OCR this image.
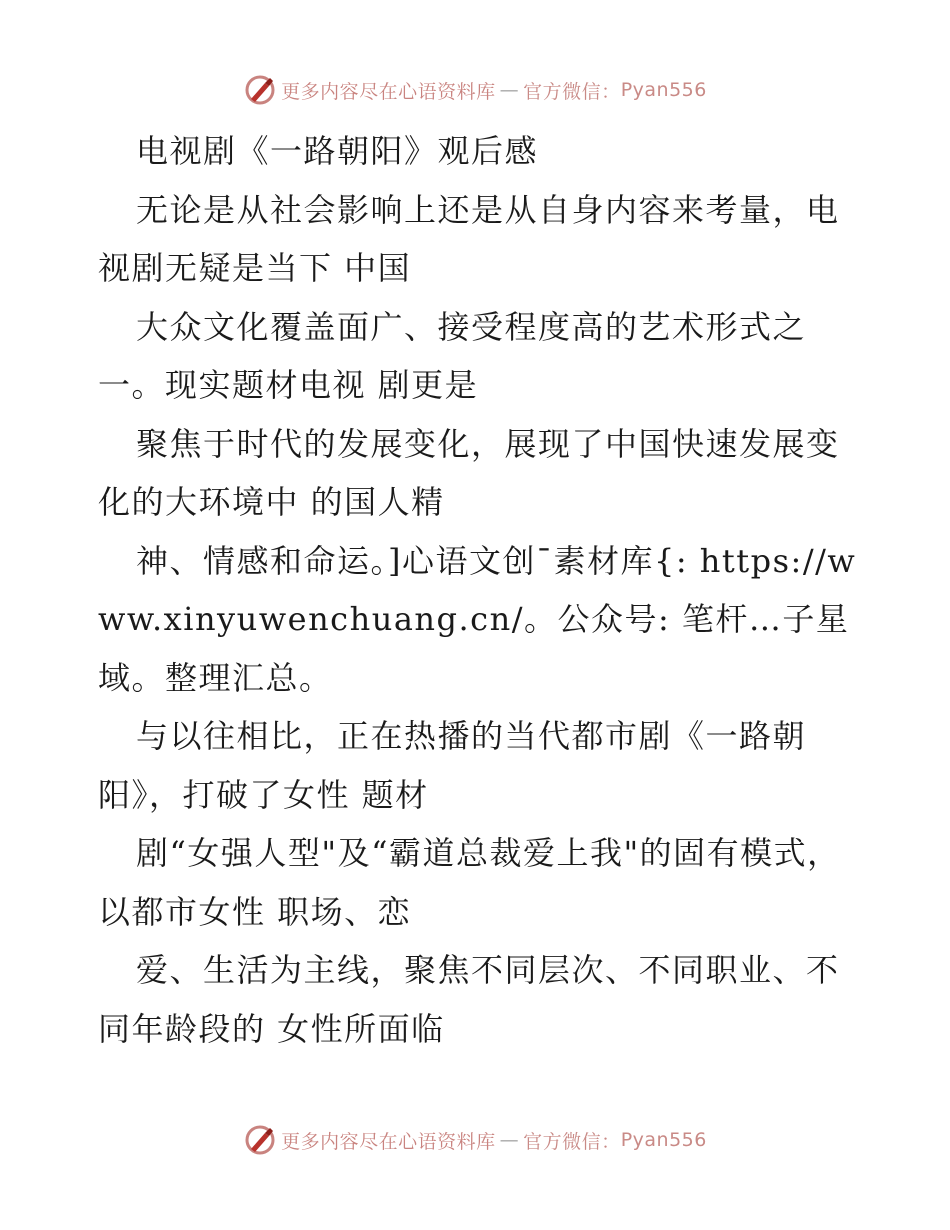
更多内容尽在心语资料库 — 官方微信： Pyan556

电视剧《一路朝阳》观后感

无论是从社会影响上还是从自身内容来考量，电视剧无疑是当下 中国

大众文化覆盖面广、接受程度高的艺术形式之一。现实题材电视 剧更是

聚焦于时代的发展变化，展现了中国快速发展变化的大环境中 的国人精

神、情感和命运。]心语文创¯素材库{: https://www.xinyuwenchuang.cn/。公众号: 笔杆…子星域。整理汇总。

与以往相比，正在热播的当代都市剧《一路朝阳》，打破了女性 题材

剧“女强人型"及“霸道总裁爱上我"的固有模式，以都市女性 职场、恋

爱、生活为主线，聚焦不同层次、不同职业、不同年龄段的 女性所面临

更多内容尽在心语资料库 — 官方微信： Pyan556
